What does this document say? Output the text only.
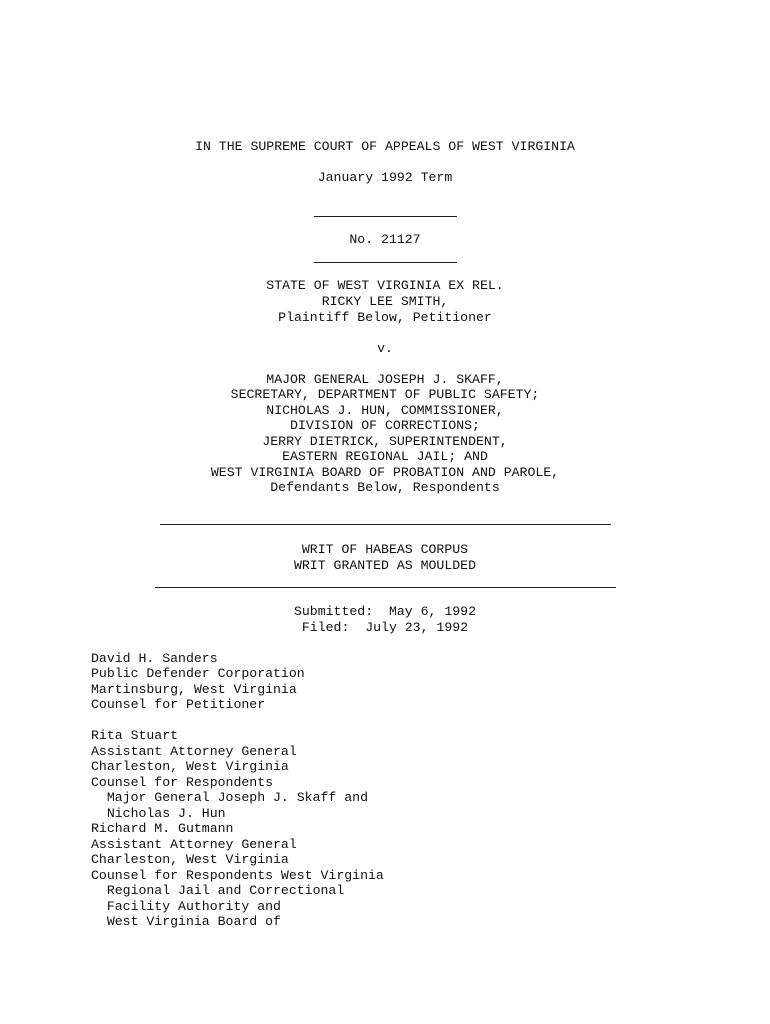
IN THE SUPREME COURT OF APPEALS OF WEST VIRGINIA
January 1992 Term
No. 21127
STATE OF WEST VIRGINIA EX REL.
RICKY LEE SMITH,
Plaintiff Below, Petitioner
v.
MAJOR GENERAL JOSEPH J. SKAFF,
SECRETARY, DEPARTMENT OF PUBLIC SAFETY;
NICHOLAS J. HUN, COMMISSIONER,
DIVISION OF CORRECTIONS;
JERRY DIETRICK, SUPERINTENDENT,
EASTERN REGIONAL JAIL; AND
WEST VIRGINIA BOARD OF PROBATION AND PAROLE,
Defendants Below, Respondents
WRIT OF HABEAS CORPUS
WRIT GRANTED AS MOULDED
Submitted:  May 6, 1992
Filed:  July 23, 1992
David H. Sanders
Public Defender Corporation
Martinsburg, West Virginia
Counsel for Petitioner
Rita Stuart
Assistant Attorney General
Charleston, West Virginia
Counsel for Respondents
Major General Joseph J. Skaff and
Nicholas J. Hun
Richard M. Gutmann
Assistant Attorney General
Charleston, West Virginia
Counsel for Respondents West Virginia
Regional Jail and Correctional
Facility Authority and
West Virginia Board of
